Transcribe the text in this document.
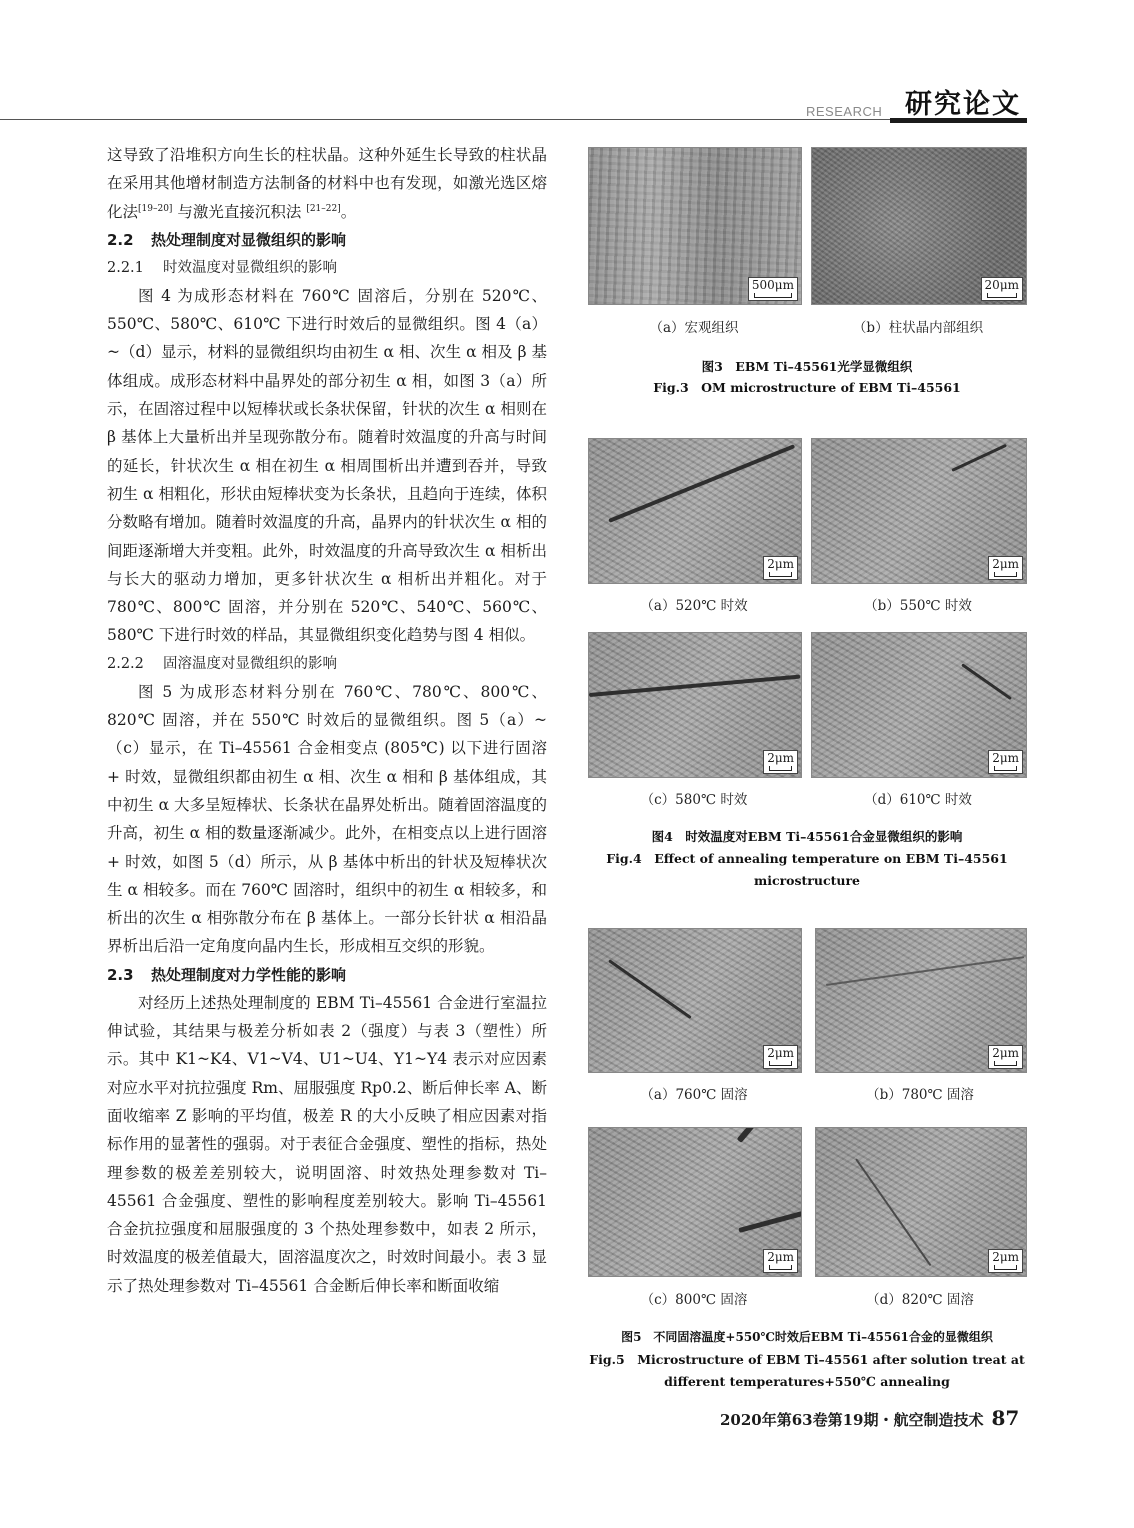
RESEARCH 研究论文

这导致了沿堆积方向生长的柱状晶。这种外延生长导致的柱状晶在采用其他增材制造方法制备的材料中也有发现，如激光选区熔化法[19–20] 与激光直接沉积法 [21–22]。

2.2 热处理制度对显微组织的影响

2.2.1 时效温度对显微组织的影响

图 4 为成形态材料在 760℃ 固溶后，分别在 520℃、550℃、580℃、610℃ 下进行时效后的显微组织。图 4（a）~（d）显示，材料的显微组织均由初生 α 相、次生 α 相及 β 基体组成。成形态材料中晶界处的部分初生 α 相，如图 3（a）所示，在固溶过程中以短棒状或长条状保留，针状的次生 α 相则在 β 基体上大量析出并呈现弥散分布。随着时效温度的升高与时间的延长，针状次生 α 相在初生 α 相周围析出并遭到吞并，导致初生 α 相粗化，形状由短棒状变为长条状，且趋向于连续，体积分数略有增加。随着时效温度的升高，晶界内的针状次生 α 相的间距逐渐增大并变粗。此外，时效温度的升高导致次生 α 相析出与长大的驱动力增加，更多针状次生 α 相析出并粗化。对于 780℃、800℃ 固溶，并分别在 520℃、540℃、560℃、580℃ 下进行时效的样品，其显微组织变化趋势与图 4 相似。

2.2.2 固溶温度对显微组织的影响

图 5 为成形态材料分别在 760℃、780℃、800℃、820℃ 固溶，并在 550℃ 时效后的显微组织。图 5（a）~（c）显示，在 Ti–45561 合金相变点 (805℃) 以下进行固溶 + 时效，显微组织都由初生 α 相、次生 α 相和 β 基体组成，其中初生 α 大多呈短棒状、长条状在晶界处析出。随着固溶温度的升高，初生 α 相的数量逐渐减少。此外，在相变点以上进行固溶 + 时效，如图 5（d）所示，从 β 基体中析出的针状及短棒状次生 α 相较多。而在 760℃ 固溶时，组织中的初生 α 相较多，和析出的次生 α 相弥散分布在 β 基体上。一部分长针状 α 相沿晶界析出后沿一定角度向晶内生长，形成相互交织的形貌。

2.3 热处理制度对力学性能的影响

对经历上述热处理制度的 EBM Ti–45561 合金进行室温拉伸试验，其结果与极差分析如表 2（强度）与表 3（塑性）所示。其中 K1~K4、V1~V4、U1~U4、Y1~Y4 表示对应因素对应水平对抗拉强度 Rm、屈服强度 Rp0.2、断后伸长率 A、断面收缩率 Z 影响的平均值，极差 R 的大小反映了相应因素对指标作用的显著性的强弱。对于表征合金强度、塑性的指标，热处理参数的极差差别较大，说明固溶、时效热处理参数对 Ti–45561 合金强度、塑性的影响程度差别较大。影响 Ti–45561 合金抗拉强度和屈服强度的 3 个热处理参数中，如表 2 所示，时效温度的极差值最大，固溶温度次之，时效时间最小。表 3 显示了热处理参数对 Ti–45561 合金断后伸长率和断面收缩

500μm	20μm
（a）宏观组织	（b）柱状晶内部组织
图3　EBM Ti–45561光学显微组织
Fig.3　OM microstructure of EBM Ti–45561
2μm	2μm
（a）520℃ 时效	（b）550℃ 时效
2μm	2μm
（c）580℃ 时效	（d）610℃ 时效
图4　时效温度对EBM Ti–45561合金显微组织的影响
Fig.4　Effect of annealing temperature on EBM Ti–45561
microstructure
2μm	2μm
（a）760℃ 固溶	（b）780℃ 固溶
2μm	2μm
（c）800℃ 固溶	（d）820℃ 固溶
图5　不同固溶温度+550℃时效后EBM Ti–45561合金的显微组织
Fig.5　Microstructure of EBM Ti–45561 after solution treat at
different temperatures+550℃ annealing
2020年第63卷第19期・航空制造技术 87
